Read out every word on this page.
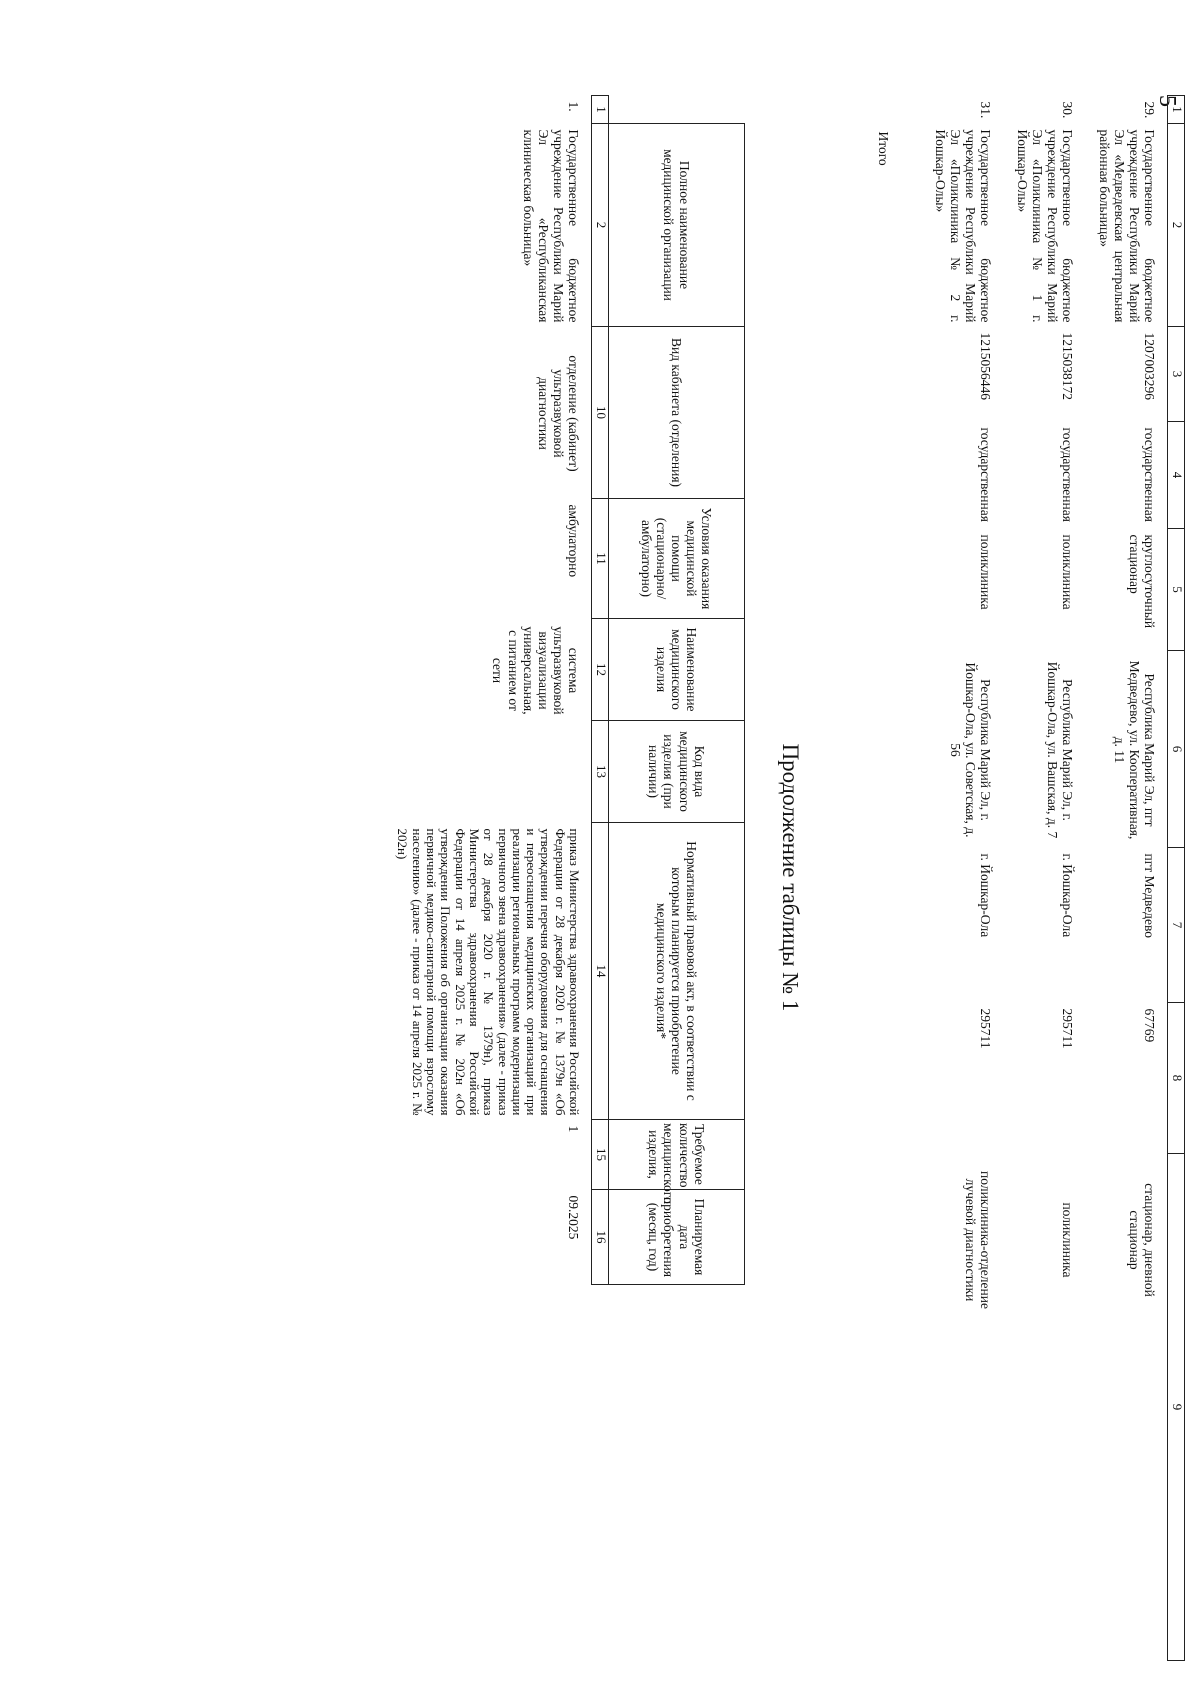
5
1	2	3	4	5	6	7	8	9
29.	Государственное бюджетное учреждение Республики Марий Эл «Медведевская центральная районная больница»	1207003296	государственная	круглосуточный стационар	Республика Марий Эл, пгт Медведево, ул. Кооперативная, д. 11	пгт Медведево	67769	стационар, дневной стационар
30.	Государственное бюджетное учреждение Республики Марий Эл «Поликлиника № 1 г. Йошкар-Олы»	1215038172	государственная	поликлиника	Республика Марий Эл, г. Йошкар-Ола, ул. Вашская, д. 7	г. Йошкар-Ола	295711	поликлиника
31.	Государственное бюджетное учреждение Республики Марий Эл «Поликлиника № 2 г. Йошкар-Олы»	1215056446	государственная	поликлиника	Республика Марий Эл, г. Йошкар-Ола, ул. Советская, д. 56	г. Йошкар-Ола	295711	поликлиника-отделение лучевой диагностики
Итого								
Продолжение таблицы № 1
	Полное наименование медицинской организации	Вид кабинета (отделения)	Условия оказания медицинской помощи (стационарно/ амбулаторно)	Наименование медицинского изделия	Код вида медицинского изделия (при наличии)	Нормативный правовой акт, в соответствии с которым планируется приобретение медицинского изделия*	Требуемое количество медицинского изделия,	Планируемая дата приобретения (месяц, год)	
1	2	10	11	12	13	14	15	16	
1.	Государственное бюджетное учреждение Республики Марий Эл «Республиканская клиническая больница»	отделение (кабинет) ультразвуковой диагностики	амбулаторно	система ультразвуковой визуализации универсальная, с питанием от сети		приказ Министерства здравоохранения Российской Федерации от 28 декабря 2020 г. № 1379н «Об утверждении перечня оборудования для оснащения и переоснащения медицинских организаций при реализации региональных программ модернизации первичного звена здравоохранения» (далее - приказ от 28 декабря 2020 г. № 1379н), приказ Министерства здравоохранения Российской Федерации от 14 апреля 2025 г. № 202н «Об утверждении Положения об организации оказания первичной медико-санитарной помощи взрослому населению» (далее - приказ от 14 апреля 2025 г. № 202н)	1	09.2025	
